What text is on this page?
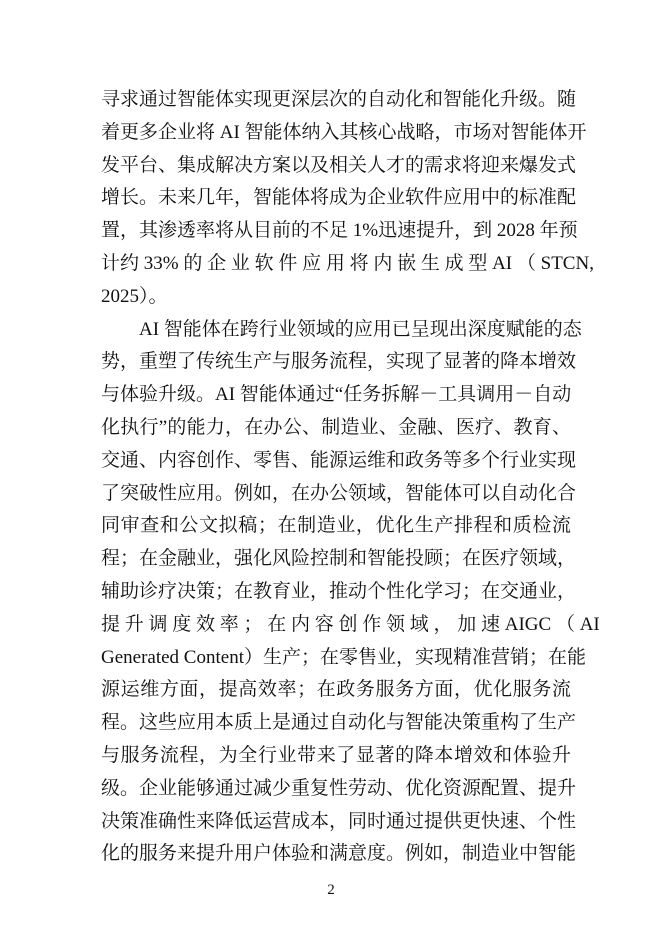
寻求通过智能体实现更深层次的自动化和智能化升级。随
着更多企业将 AI 智能体纳入其核心战略，市场对智能体开
发平台、集成解决方案以及相关人才的需求将迎来爆发式
增长。未来几年，智能体将成为企业软件应用中的标准配
置，其渗透率将从目前的不足 1%迅速提升，到 2028 年预
计约 33% 的 企 业 软 件 应 用 将 内 嵌 生 成 型 AI （ STCN,
2025）。
AI 智能体在跨行业领域的应用已呈现出深度赋能的态
势，重塑了传统生产与服务流程，实现了显著的降本增效
与体验升级。AI 智能体通过“任务拆解－工具调用－自动
化执行”的能力，在办公、制造业、金融、医疗、教育、
交通、内容创作、零售、能源运维和政务等多个行业实现
了突破性应用。例如，在办公领域，智能体可以自动化合
同审查和公文拟稿；在制造业，优化生产排程和质检流
程；在金融业，强化风险控制和智能投顾；在医疗领域，
辅助诊疗决策；在教育业，推动个性化学习；在交通业，
提 升 调 度 效 率 ； 在 内 容 创 作 领 域 ， 加 速 AIGC （ AI
Generated Content）生产；在零售业，实现精准营销；在能
源运维方面，提高效率；在政务服务方面，优化服务流
程。这些应用本质上是通过自动化与智能决策重构了生产
与服务流程，为全行业带来了显著的降本增效和体验升
级。企业能够通过减少重复性劳动、优化资源配置、提升
决策准确性来降低运营成本，同时通过提供更快速、个性
化的服务来提升用户体验和满意度。例如，制造业中智能
2
